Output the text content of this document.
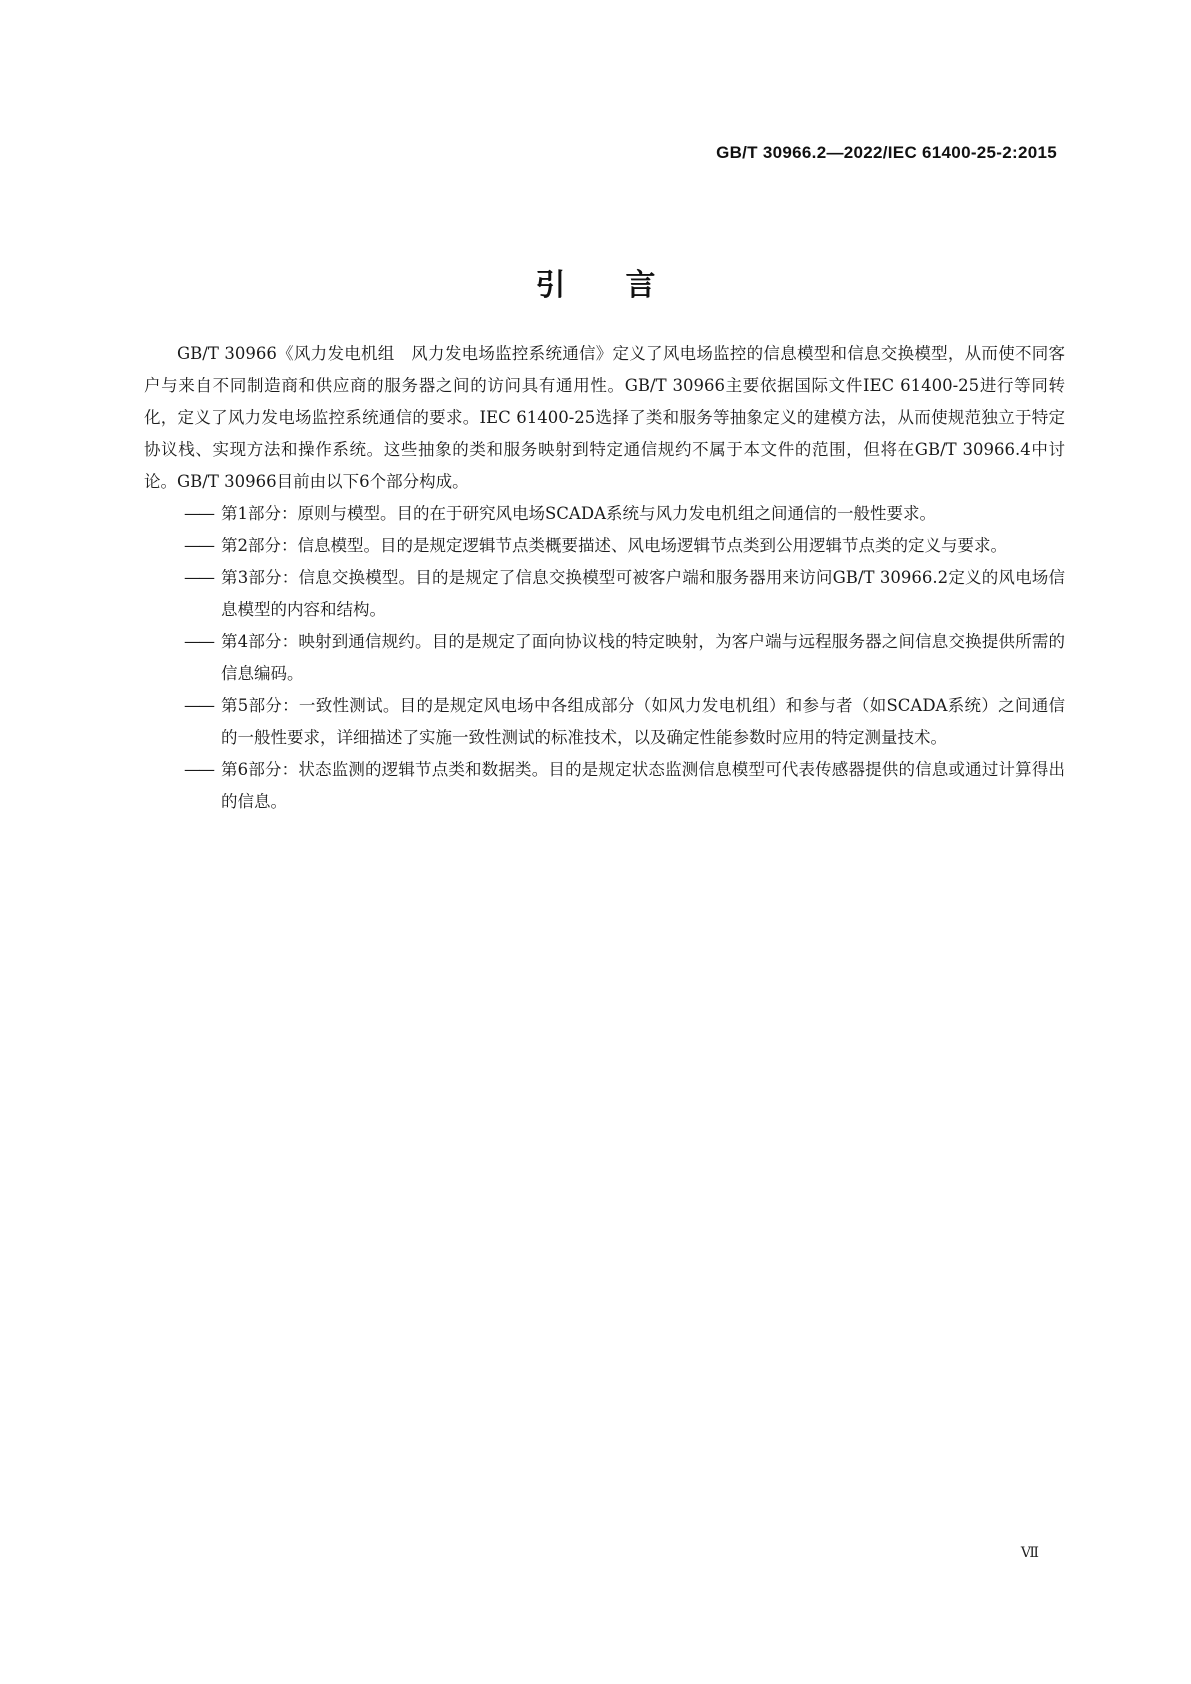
GB/T 30966.2—2022/IEC 61400-25-2:2015
引言

GB/T 30966《风力发电机组　风力发电场监控系统通信》定义了风电场监控的信息模型和信息交换模型，从而使不同客户与来自不同制造商和供应商的服务器之间的访问具有通用性。GB/T 30966主要依据国际文件IEC 61400-25进行等同转化，定义了风力发电场监控系统通信的要求。IEC 61400-25选择了类和服务等抽象定义的建模方法，从而使规范独立于特定协议栈、实现方法和操作系统。这些抽象的类和服务映射到特定通信规约不属于本文件的范围，但将在GB/T 30966.4中讨论。GB/T 30966目前由以下6个部分构成。

—— 第1部分：原则与模型。目的在于研究风电场SCADA系统与风力发电机组之间通信的一般性要求。
—— 第2部分：信息模型。目的是规定逻辑节点类概要描述、风电场逻辑节点类到公用逻辑节点类的定义与要求。
—— 第3部分：信息交换模型。目的是规定了信息交换模型可被客户端和服务器用来访问GB/T 30966.2定义的风电场信息模型的内容和结构。
—— 第4部分：映射到通信规约。目的是规定了面向协议栈的特定映射，为客户端与远程服务器之间信息交换提供所需的信息编码。
—— 第5部分：一致性测试。目的是规定风电场中各组成部分（如风力发电机组）和参与者（如SCADA系统）之间通信的一般性要求，详细描述了实施一致性测试的标准技术，以及确定性能参数时应用的特定测量技术。
—— 第6部分：状态监测的逻辑节点类和数据类。目的是规定状态监测信息模型可代表传感器提供的信息或通过计算得出的信息。
Ⅶ
